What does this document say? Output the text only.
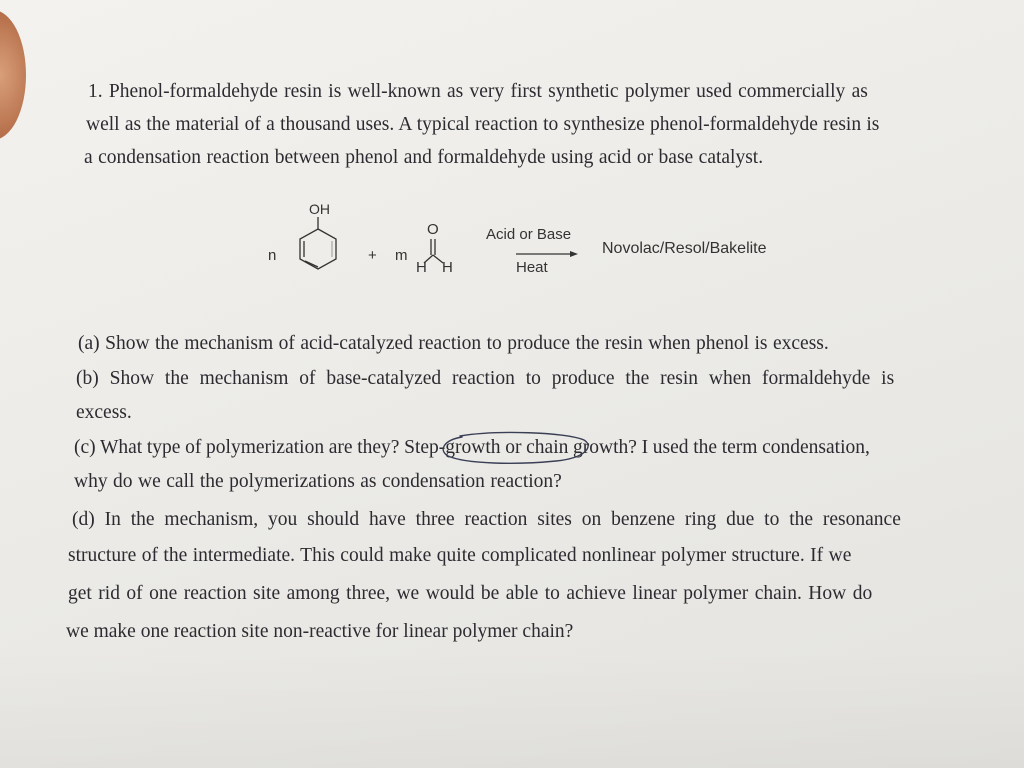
1. Phenol-formaldehyde resin is well-known as very first synthetic polymer used commercially as
well as the material of a thousand uses. A typical reaction to synthesize phenol-formaldehyde resin is
a condensation reaction between phenol and formaldehyde using acid or base catalyst.
OH
n	+ m
O
H H
Acid or Base
Heat
Novolac/Resol/Bakelite
(a) Show the mechanism of acid-catalyzed reaction to produce the resin when phenol is excess.
(b) Show the mechanism of base-catalyzed reaction to produce the resin when formaldehyde is
excess.
(c) What type of polymerization are they? Step-growth or chain growth? I used the term condensation,
why do we call the polymerizations as condensation reaction?
(d) In the mechanism, you should have three reaction sites on benzene ring due to the resonance
structure of the intermediate. This could make quite complicated nonlinear polymer structure. If we
get rid of one reaction site among three, we would be able to achieve linear polymer chain. How do
we make one reaction site non-reactive for linear polymer chain?
